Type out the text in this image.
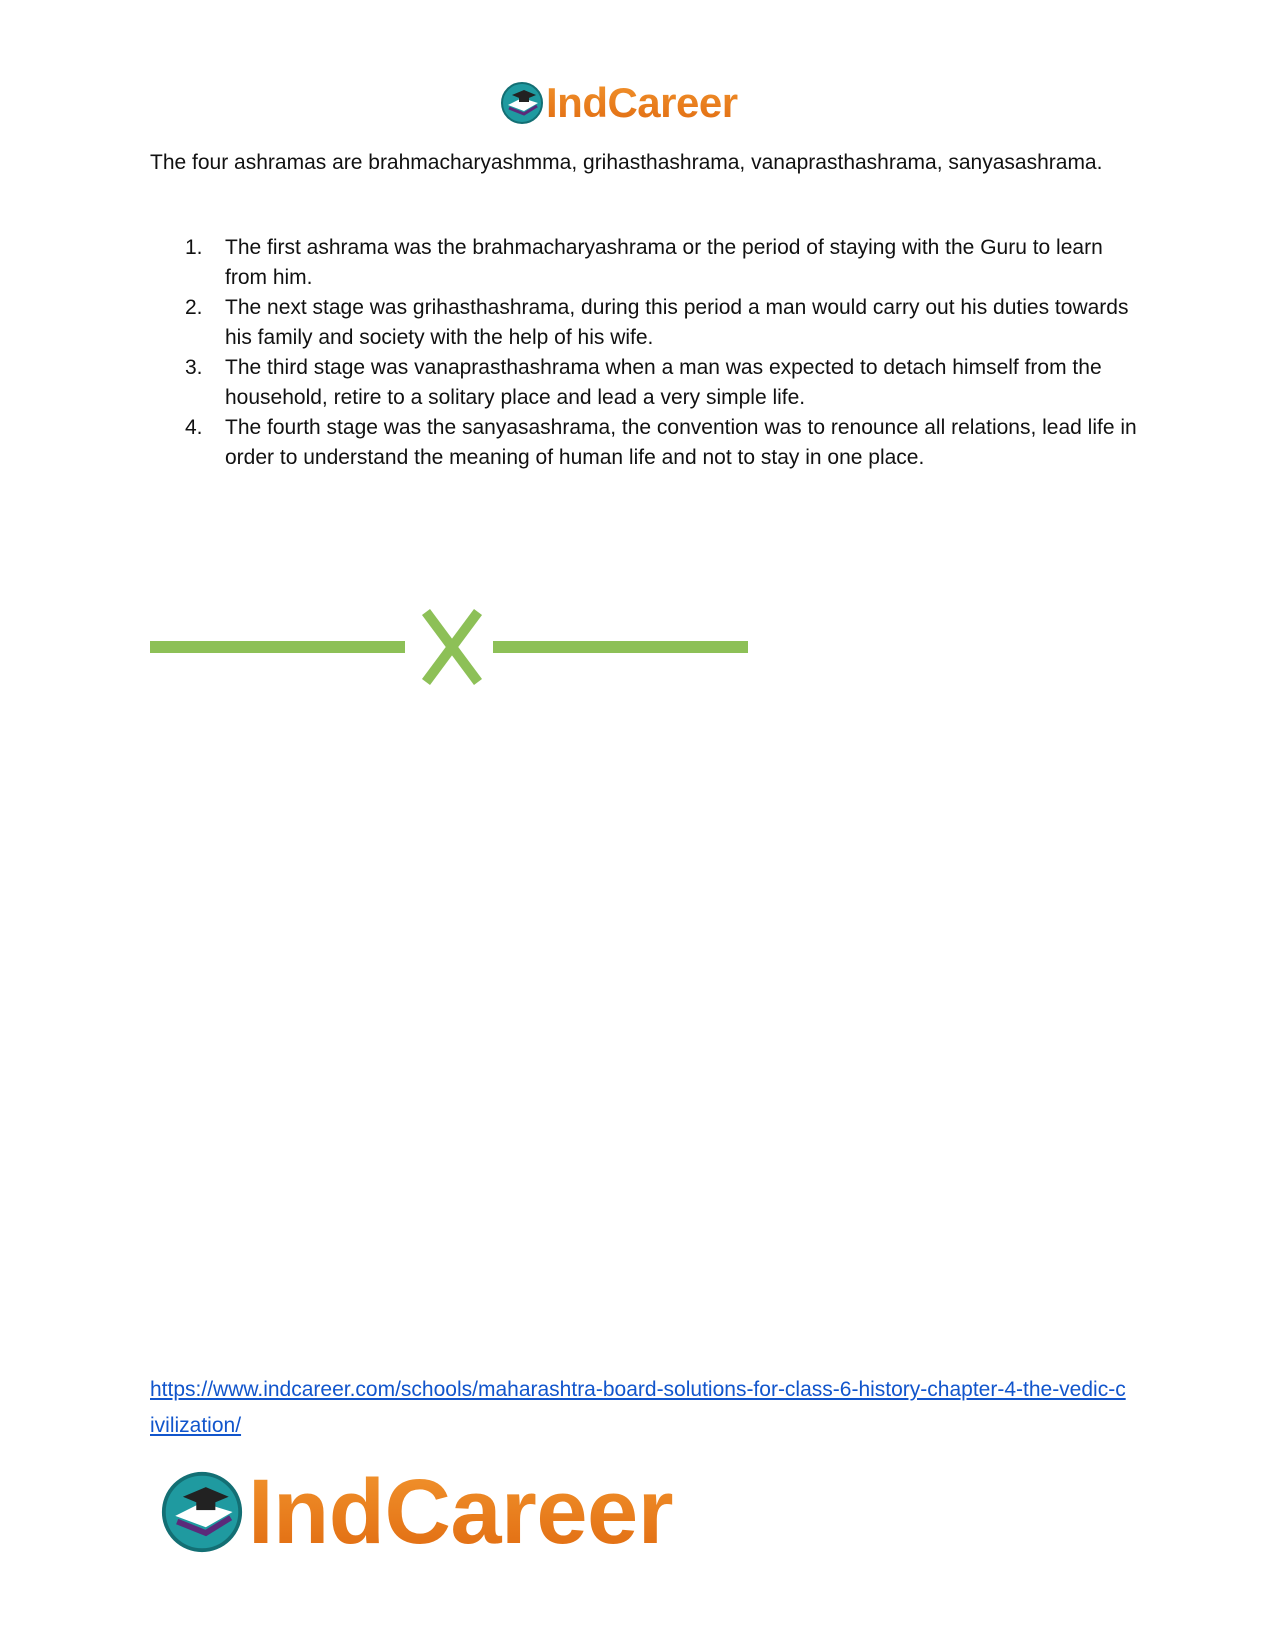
IndCareer

The four ashramas are brahmacharyashmma, grihasthashrama, vanaprasthashrama, sanyasashrama.

1.	The first ashrama was the brahmacharyashrama or the period of staying with the Guru to learn from him.
2.	The next stage was grihasthashrama, during this period a man would carry out his duties towards his family and society with the help of his wife.
3.	The third stage was vanaprasthashrama when a man was expected to detach himself from the household, retire to a solitary place and lead a very simple life.
4.	The fourth stage was the sanyasashrama, the convention was to renounce all relations, lead life in order to understand the meaning of human life and not to stay in one place.
https://www.indcareer.com/schools/maharashtra-board-solutions-for-class-6-history-chapter-4-the-vedic-civilization/
IndCareer
